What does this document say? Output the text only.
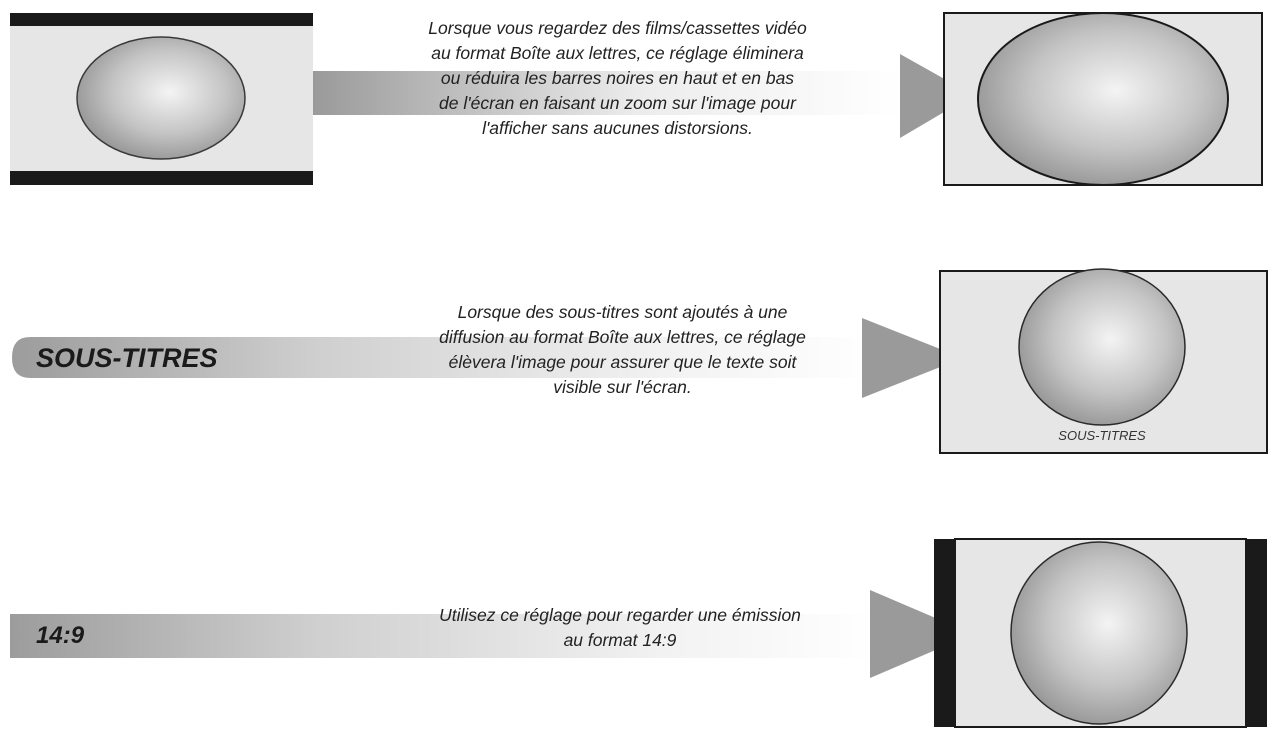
Lorsque vous regardez des films/cassettes vidéo
au format Boîte aux lettres, ce réglage éliminera
ou réduira les barres noires en haut et en bas
de l'écran en faisant un zoom sur l'image pour
l'afficher sans aucunes distorsions.
SOUS-TITRES
Lorsque des sous-titres sont ajoutés à une
diffusion au format Boîte aux lettres, ce réglage
élèvera l'image pour assurer que le texte soit
visible sur l'écran.
SOUS-TITRES
14:9
Utilisez ce réglage pour regarder une émission
au format 14:9
